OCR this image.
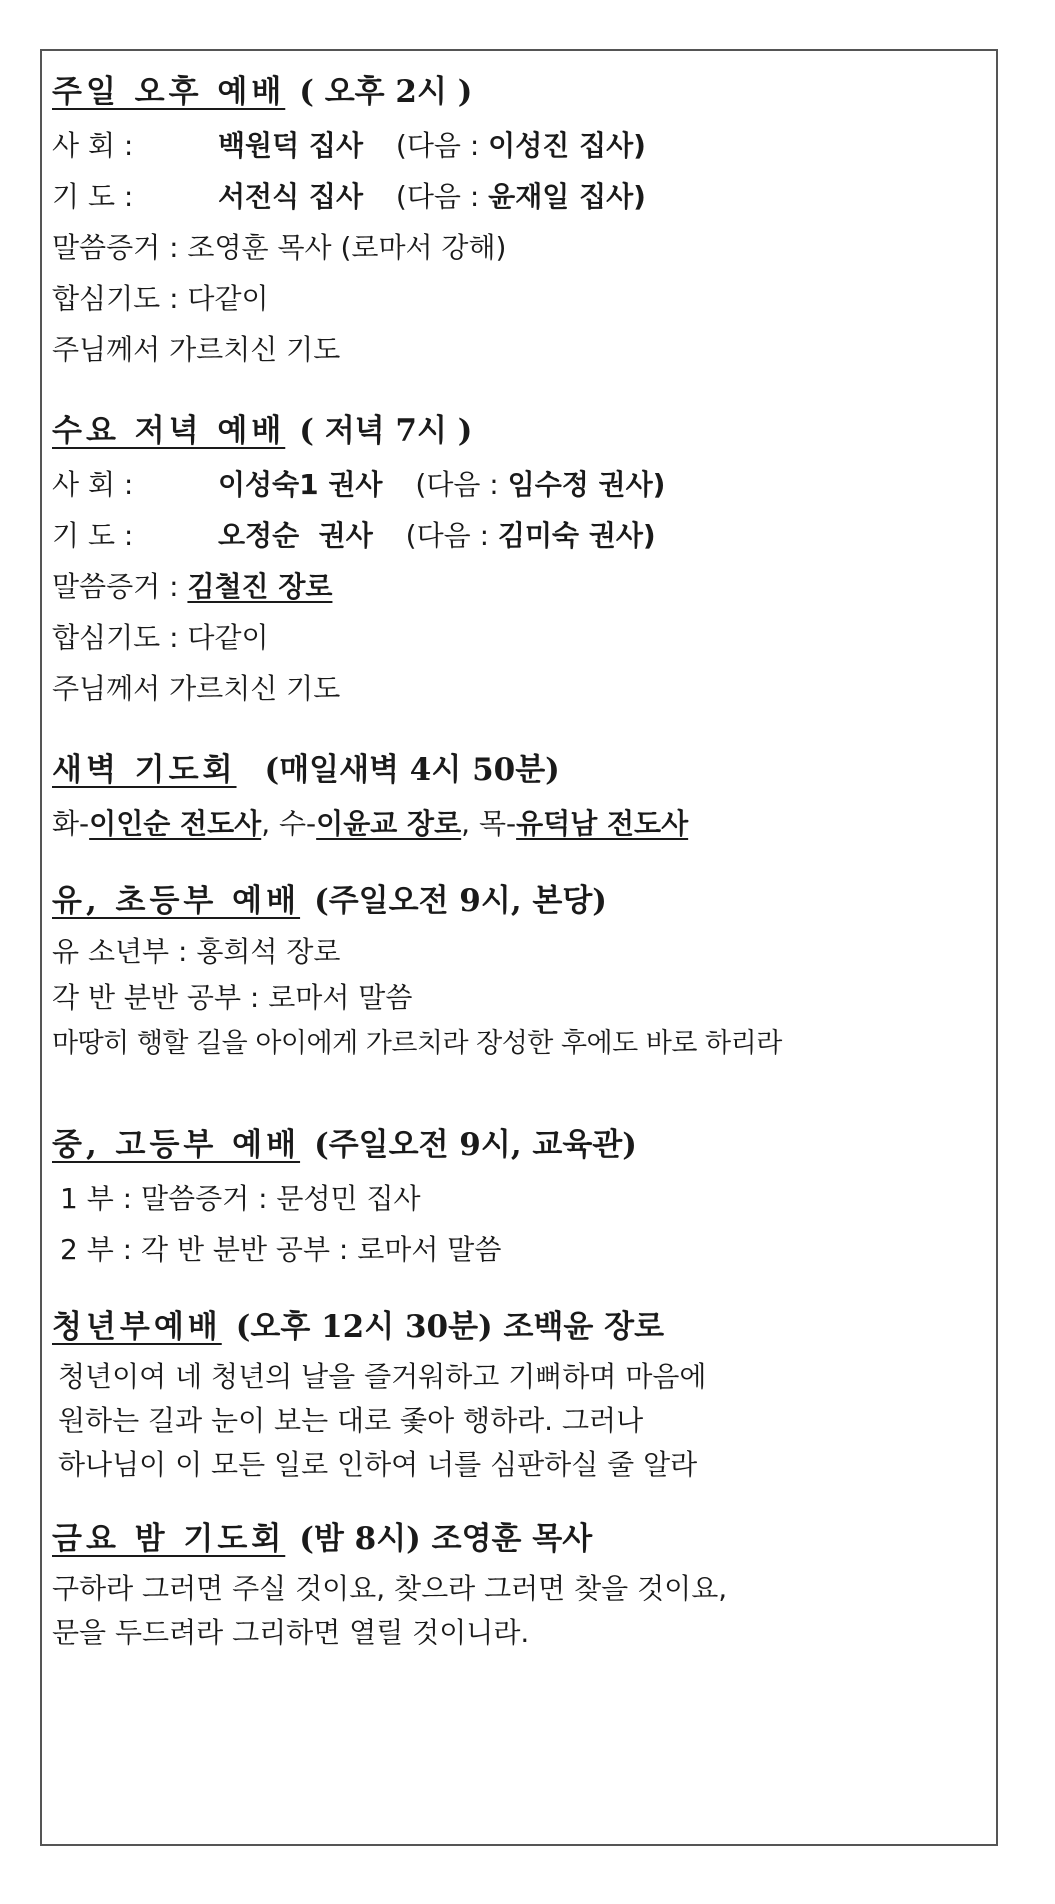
주일 오후 예배 ( 오후 2시 )
사 회 :	백원덕 집사 (다음 : 이성진 집사)
기 도 :	서전식 집사 (다음 : 윤재일 집사)
말씀증거 : 조영훈 목사 (로마서 강해)
합심기도 : 다같이
주님께서 가르치신 기도
수요 저녁 예배 ( 저녁 7시 )
사 회 :	이성숙1 권사 (다음 : 임수정 권사)
기 도 :	오정순  권사 (다음 : 김미숙 권사)
말씀증거 : 김철진 장로
합심기도 : 다같이
주님께서 가르치신 기도
새벽 기도회 (매일새벽 4시 50분)
화-이인순 전도사, 수-이윤교 장로, 목-유덕남 전도사
유, 초등부 예배 (주일오전 9시, 본당)
유 소년부 : 홍희석 장로
각 반 분반 공부 : 로마서 말씀
마땅히 행할 길을 아이에게 가르치라 장성한 후에도 바로 하리라
중, 고등부 예배 (주일오전 9시, 교육관)
1 부 : 말씀증거 : 문성민 집사
2 부 : 각 반 분반 공부 : 로마서 말씀
청년부예배 (오후 12시 30분) 조백윤 장로
청년이여 네 청년의 날을 즐거워하고 기뻐하며 마음에
원하는 길과 눈이 보는 대로 좇아 행하라. 그러나
하나님이 이 모든 일로 인하여 너를 심판하실 줄 알라
금요 밤 기도회 (밤 8시) 조영훈 목사
구하라 그러면 주실 것이요, 찾으라 그러면 찾을 것이요,
문을 두드려라 그리하면 열릴 것이니라.
